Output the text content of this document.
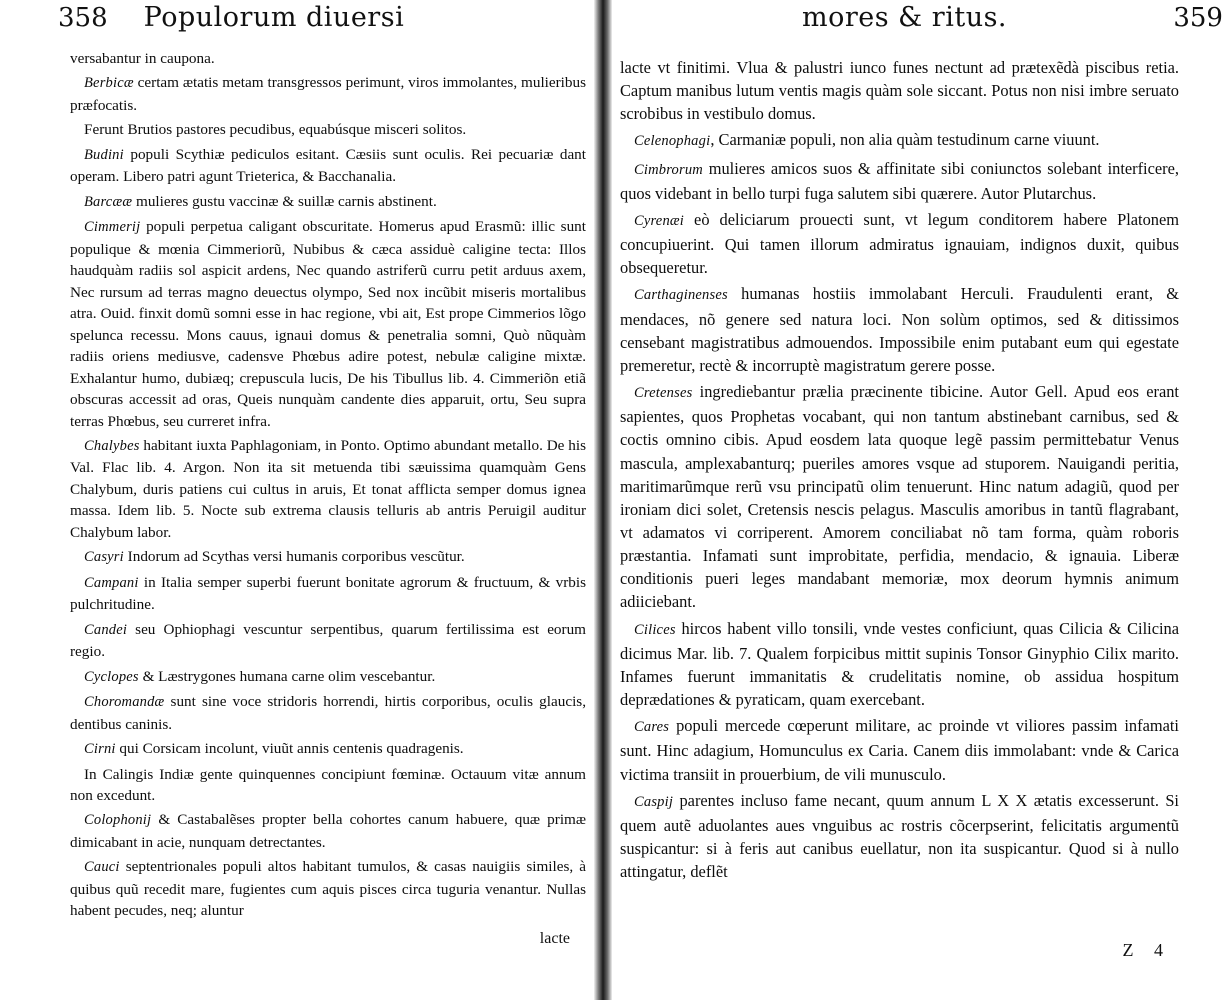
358 Populorum diuersi

versabantur in caupona.

Berbicæ certam ætatis metam transgressos perimunt, viros immolantes, mulieribus præfocatis.

Ferunt Brutios pastores pecudibus, equabúsque misceri solitos.

Budini populi Scythiæ pediculos esitant. Cæsiis sunt oculis. Rei pecuariæ dant operam. Libero patri agunt Trieterica, & Bacchanalia.

Barcææ mulieres gustu vaccinæ & suillæ carnis abstinent.

Cimmerij populi perpetua caligant obscuritate. Homerus apud Erasmũ: illic sunt populique & mœnia Cimmeriorũ, Nubibus & cæca assiduè caligine tecta: Illos haudquàm radiis sol aspicit ardens, Nec quando astriferũ curru petit arduus axem, Nec rursum ad terras magno deuectus olympo, Sed nox incũbit miseris mortalibus atra. Ouid. finxit domũ somni esse in hac regione, vbi ait, Est prope Cimmerios lõgo spelunca recessu. Mons cauus, ignaui domus & penetralia somni, Quò nũquàm radiis oriens mediusve, cadensve Phœbus adire potest, nebulæ caligine mixtæ. Exhalantur humo, dubiæq; crepuscula lucis, De his Tibullus lib. 4. Cimmeriõn etiã obscuras accessit ad oras, Queis nunquàm candente dies apparuit, ortu, Seu supra terras Phœbus, seu curreret infra.

Chalybes habitant iuxta Paphlagoniam, in Ponto. Optimo abundant metallo. De his Val. Flac lib. 4. Argon. Non ita sit metuenda tibi sæuissima quamquàm Gens Chalybum, duris patiens cui cultus in aruis, Et tonat afflicta semper domus ignea massa. Idem lib. 5. Nocte sub extrema clausis telluris ab antris Peruigil auditur Chalybum labor.

Casyri Indorum ad Scythas versi humanis corporibus vescũtur.

Campani in Italia semper superbi fuerunt bonitate agrorum & fructuum, & vrbis pulchritudine.

Candei seu Ophiophagi vescuntur serpentibus, quarum fertilissima est eorum regio.

Cyclopes & Læstrygones humana carne olim vescebantur.

Choromandæ sunt sine voce stridoris horrendi, hirtis corporibus, oculis glaucis, dentibus caninis.

Cirni qui Corsicam incolunt, viuũt annis centenis quadragenis.

In Calingis Indiæ gente quinquennes concipiunt fœminæ. Octauum vitæ annum non excedunt.

Colophonij & Castabalẽses propter bella cohortes canum habuere, quæ primæ dimicabant in acie, nunquam detrectantes.

Cauci septentrionales populi altos habitant tumulos, & casas nauigiis similes, à quibus quũ recedit mare, fugientes cum aquis pisces circa tuguria venantur. Nullas habent pecudes, neq; aluntur

lacte
mores & ritus.	359

lacte vt finitimi. Vlua & palustri iunco funes nectunt ad prætexẽdà piscibus retia. Captum manibus lutum ventis magis quàm sole siccant. Potus non nisi imbre seruato scrobibus in vestibulo domus.

Celenophagi, Carmaniæ populi, non alia quàm testudinum carne viuunt.

Cimbrorum mulieres amicos suos & affinitate sibi coniunctos solebant interficere, quos videbant in bello turpi fuga salutem sibi quærere. Autor Plutarchus.

Cyrenæi eò deliciarum prouecti sunt, vt legum conditorem habere Platonem concupiuerint. Qui tamen illorum admiratus ignauiam, indignos duxit, quibus obsequeretur.

Carthaginenses humanas hostiis immolabant Herculi. Fraudulenti erant, & mendaces, nõ genere sed natura loci. Non solùm optimos, sed & ditissimos censebant magistratibus admouendos. Impossibile enim putabant eum qui egestate premeretur, rectè & incorruptè magistratum gerere posse.

Cretenses ingrediebantur prælia præcinente tibicine. Autor Gell. Apud eos erant sapientes, quos Prophetas vocabant, qui non tantum abstinebant carnibus, sed & coctis omnino cibis. Apud eosdem lata quoque legẽ passim permittebatur Venus mascula, amplexabanturq; pueriles amores vsque ad stuporem. Nauigandi peritia, maritimarũmque rerũ vsu principatũ olim tenuerunt. Hinc natum adagiũ, quod per ironiam dici solet, Cretensis nescis pelagus. Masculis amoribus in tantũ flagrabant, vt adamatos vi corriperent. Amorem conciliabat nõ tam forma, quàm roboris præstantia. Infamati sunt improbitate, perfidia, mendacio, & ignauia. Liberæ conditionis pueri leges mandabant memoriæ, mox deorum hymnis animum adiiciebant.

Cilices hircos habent villo tonsili, vnde vestes conficiunt, quas Cilicia & Cilicina dicimus Mar. lib. 7. Qualem forpicibus mittit supinis Tonsor Ginyphio Cilix marito. Infames fuerunt immanitatis & crudelitatis nomine, ob assidua hospitum deprædationes & pyraticam, quam exercebant.

Cares populi mercede cœperunt militare, ac proinde vt viliores passim infamati sunt. Hinc adagium, Homunculus ex Caria. Canem diis immolabant: vnde & Carica victima transiit in prouerbium, de vili munusculo.

Caspij parentes incluso fame necant, quum annum L X X ætatis excesserunt. Si quem autẽ aduolantes aues vnguibus ac rostris cõcerpserint, felicitatis argumentũ suspicantur: si à feris aut canibus euellatur, non ita suspicantur. Quod si à nullo attingatur, deflẽt

Z 4
